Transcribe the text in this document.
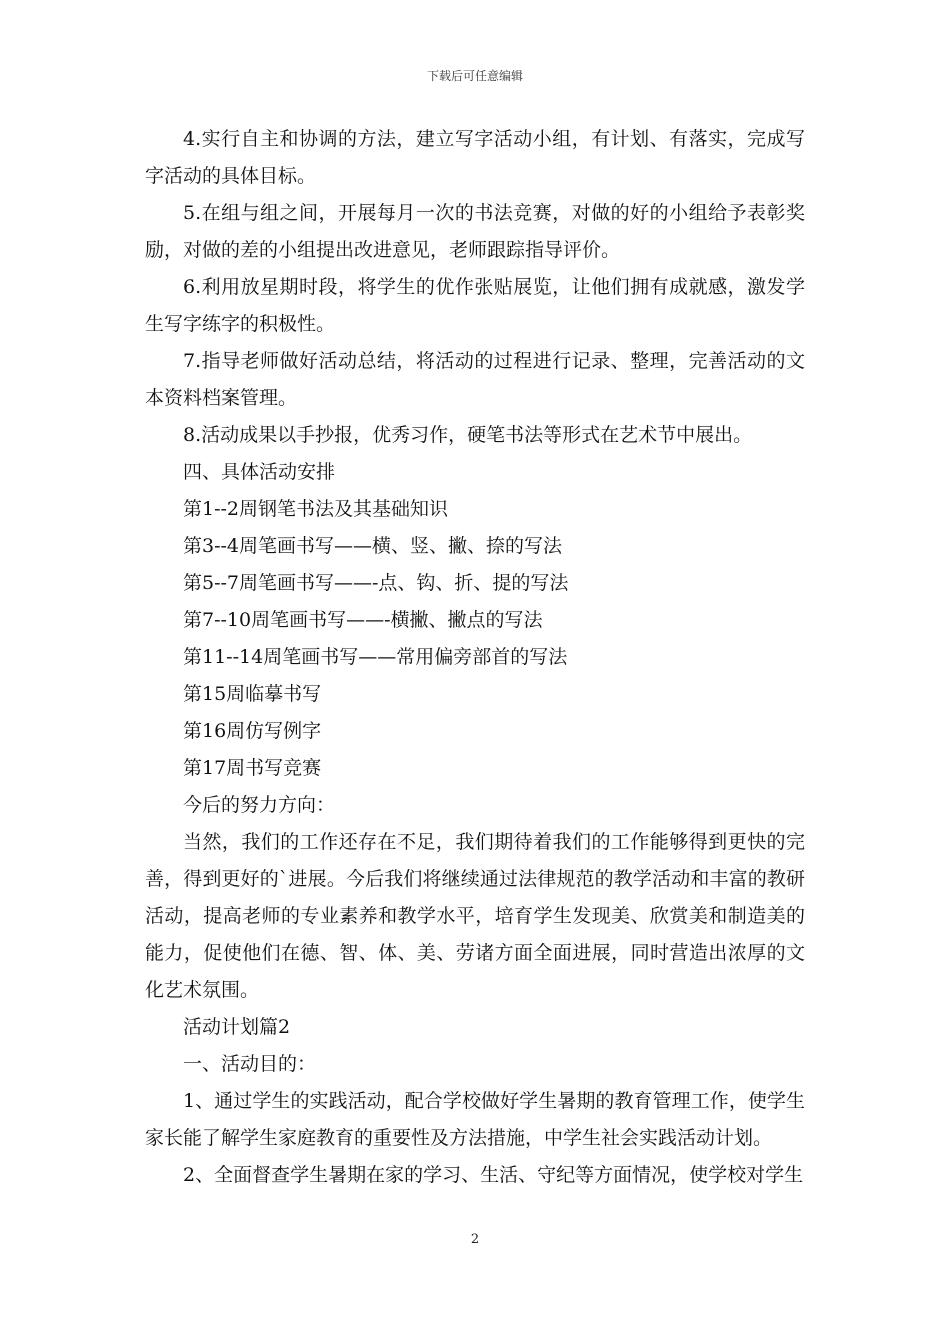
下载后可任意编辑

4.实行自主和协调的方法，建立写字活动小组，有计划、有落实，完成写字活动的具体目标。

5.在组与组之间，开展每月一次的书法竞赛，对做的好的小组给予表彰奖励，对做的差的小组提出改进意见，老师跟踪指导评价。

6.利用放星期时段，将学生的优作张贴展览，让他们拥有成就感，激发学生写字练字的积极性。

7.指导老师做好活动总结，将活动的过程进行记录、整理，完善活动的文本资料档案管理。

8.活动成果以手抄报，优秀习作，硬笔书法等形式在艺术节中展出。

四、具体活动安排

第1--2周钢笔书法及其基础知识

第3--4周笔画书写——横、竖、撇、捺的写法

第5--7周笔画书写——-点、钩、折、提的写法

第7--10周笔画书写——-横撇、撇点的写法

第11--14周笔画书写——常用偏旁部首的写法

第15周临摹书写

第16周仿写例字

第17周书写竞赛

今后的努力方向：

当然，我们的工作还存在不足，我们期待着我们的工作能够得到更快的完善，得到更好的`进展。今后我们将继续通过法律规范的教学活动和丰富的教研活动，提高老师的专业素养和教学水平，培育学生发现美、欣赏美和制造美的能力，促使他们在德、智、体、美、劳诸方面全面进展，同时营造出浓厚的文化艺术氛围。

活动计划篇2

一、活动目的：

1、通过学生的实践活动，配合学校做好学生暑期的教育管理工作，使学生家长能了解学生家庭教育的重要性及方法措施，中学生社会实践活动计划。

2、全面督查学生暑期在家的学习、生活、守纪等方面情况，使学校对学生

2
